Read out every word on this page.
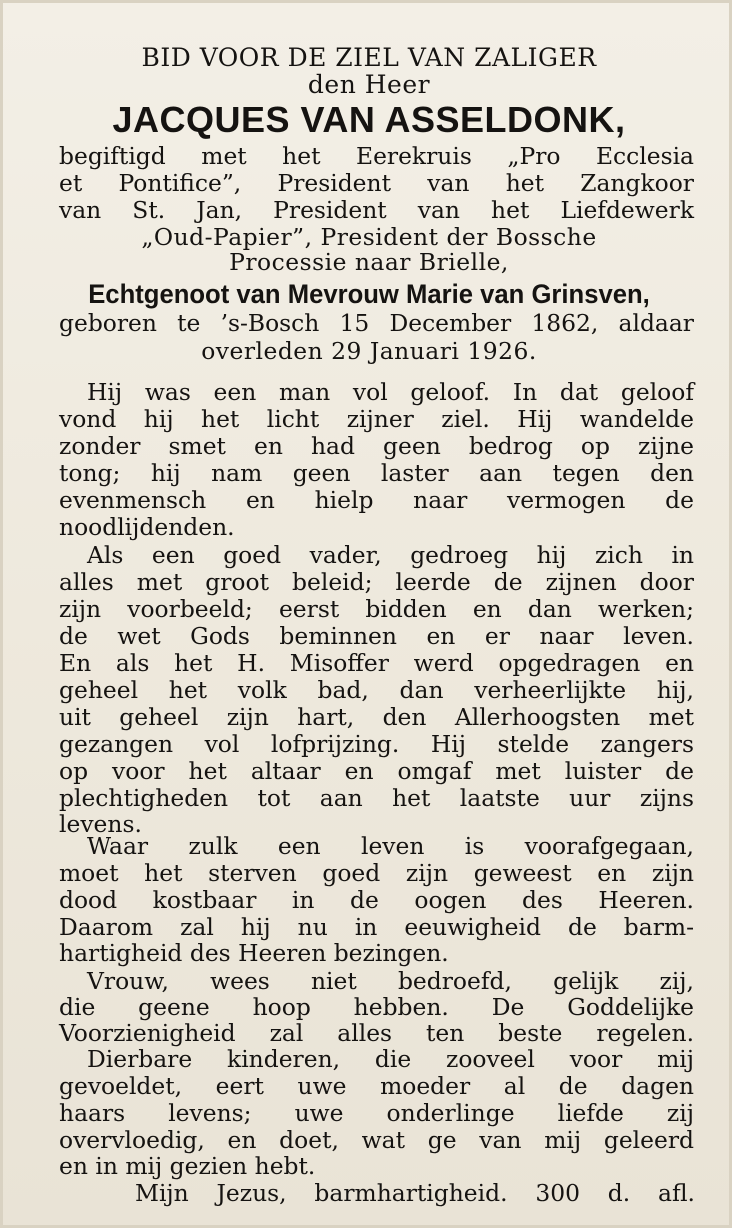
BID VOOR DE ZIEL VAN ZALIGER

den Heer

JACQUES VAN ASSELDONK,

begiftigd met het Eerekruis „Pro Ecclesia

et Pontifice”, President van het Zangkoor

van St. Jan, President van het Liefdewerk

„Oud-Papier”, President der Bossche

Processie naar Brielle,

Echtgenoot van Mevrouw Marie van Grinsven,

geboren te ’s-Bosch 15 December 1862, aldaar

overleden 29 Januari 1926.

Hij was een man vol geloof. In dat geloof

vond hij het licht zijner ziel. Hij wandelde

zonder smet en had geen bedrog op zijne

tong; hij nam geen laster aan tegen den

evenmensch en hielp naar vermogen de

noodlijdenden.

Als een goed vader, gedroeg hij zich in

alles met groot beleid; leerde de zijnen door

zijn voorbeeld; eerst bidden en dan werken;

de wet Gods beminnen en er naar leven.

En als het H. Misoffer werd opgedragen en

geheel het volk bad, dan verheerlijkte hij,

uit geheel zijn hart, den Allerhoogsten met

gezangen vol lofprijzing. Hij stelde zangers

op voor het altaar en omgaf met luister de

plechtigheden tot aan het laatste uur zijns

levens.

Waar zulk een leven is voorafgegaan,

moet het sterven goed zijn geweest en zijn

dood kostbaar in de oogen des Heeren.

Daarom zal hij nu in eeuwigheid de barm-

hartigheid des Heeren bezingen.

Vrouw, wees niet bedroefd, gelijk zij,

die geene hoop hebben. De Goddelijke

Voorzienigheid zal alles ten beste regelen.

Dierbare kinderen, die zooveel voor mij

gevoeldet, eert uwe moeder al de dagen

haars levens; uwe onderlinge liefde zij

overvloedig, en doet, wat ge van mij geleerd

en in mij gezien hebt.

Mijn Jezus, barmhartigheid. 300 d. afl.
